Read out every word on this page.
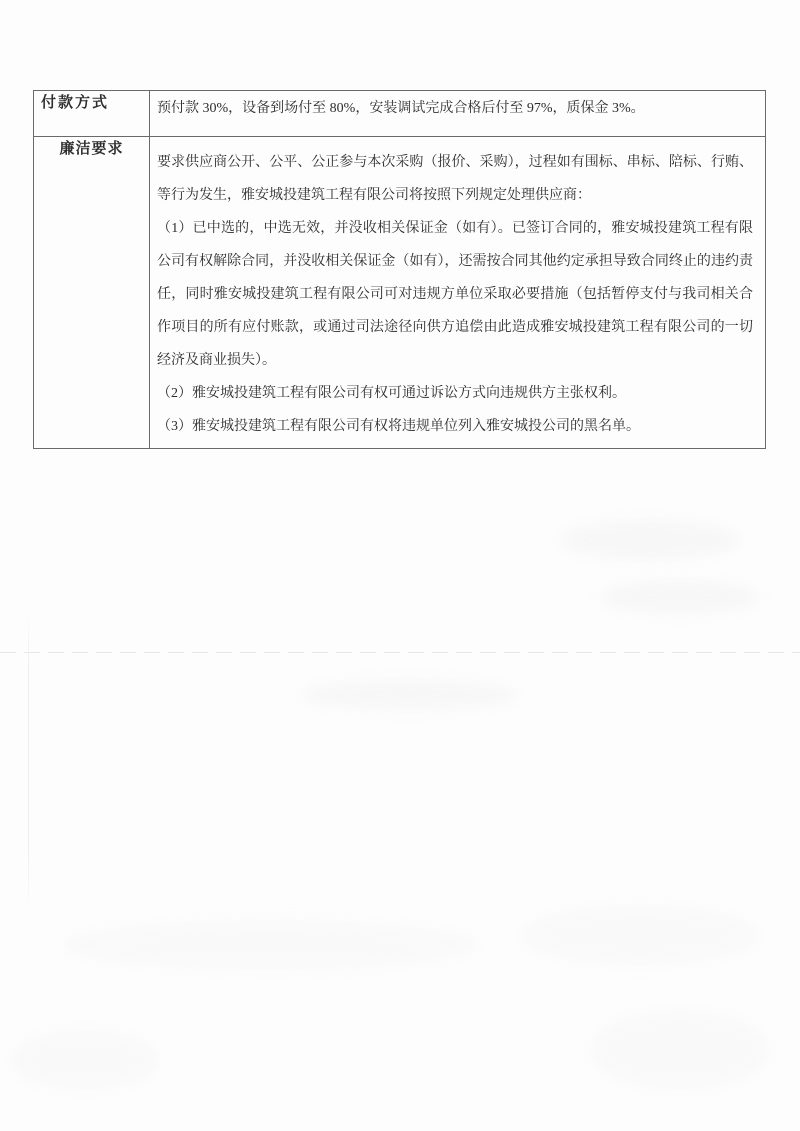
付款方式	预付款 30%，设备到场付至 80%，安装调试完成合格后付至 97%，质保金 3%。

廉洁要求	要求供应商公开、公平、公正参与本次采购（报价、采购），过程如有围标、串标、陪标、行贿、等行为发生，雅安城投建筑工程有限公司将按照下列规定处理供应商：

（1）已中选的，中选无效，并没收相关保证金（如有）。已签订合同的，雅安城投建筑工程有限公司有权解除合同，并没收相关保证金（如有），还需按合同其他约定承担导致合同终止的违约责任，同时雅安城投建筑工程有限公司可对违规方单位采取必要措施（包括暂停支付与我司相关合作项目的所有应付账款，或通过司法途径向供方追偿由此造成雅安城投建筑工程有限公司的一切经济及商业损失）。

（2）雅安城投建筑工程有限公司有权可通过诉讼方式向违规供方主张权利。

（3）雅安城投建筑工程有限公司有权将违规单位列入雅安城投公司的黑名单。
